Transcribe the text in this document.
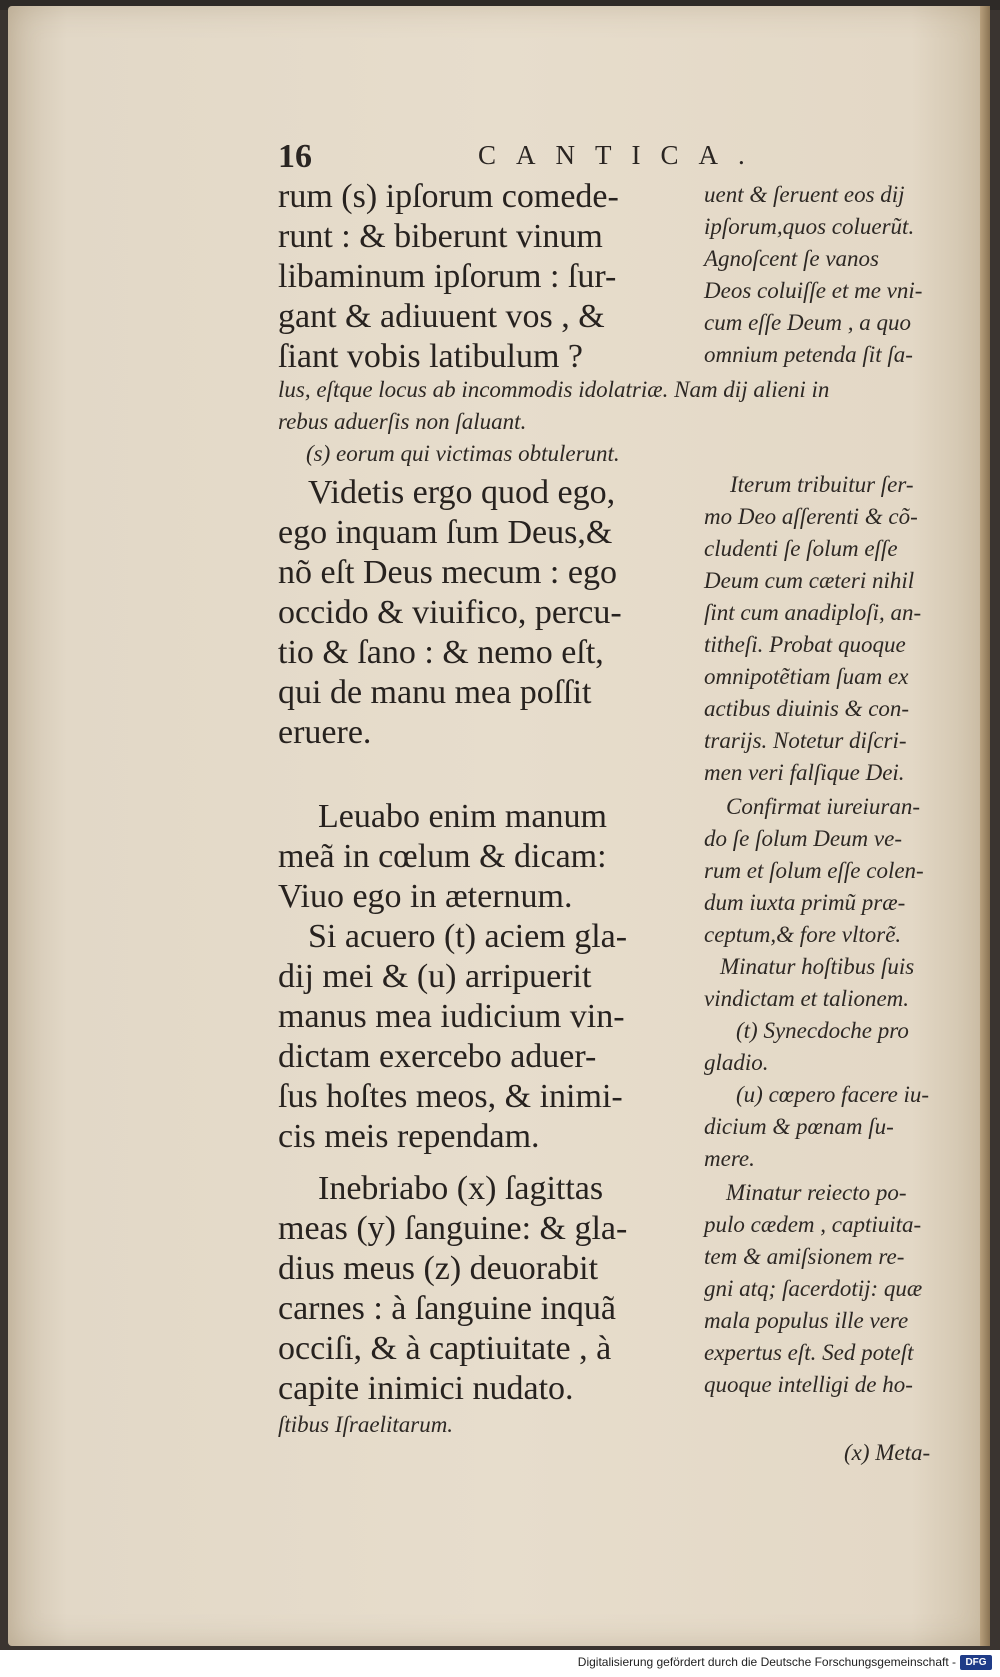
16	CANTICA.
rum (s) ipſorum comede-
runt : & biberunt vinum
libaminum ipſorum : ſur-
gant & adiuuent vos , &
ſiant vobis latibulum ?
uent & ſeruent eos dij
ipſorum,quos coluerũt.
Agnoſcent ſe vanos
Deos coluiſſe et me vni-
cum eſſe Deum , a quo
omnium petenda ſit ſa-
lus, eſtque locus ab incommodis idolatriæ. Nam dij alieni in
rebus aduerſis non ſaluant.
(s) eorum qui victimas obtulerunt.
Videtis ergo quod ego,
ego inquam ſum Deus,&
nõ eſt Deus mecum : ego
occido & viuifico, percu-
tio & ſano : & nemo eſt,
qui de manu mea poſſit
eruere.
Iterum tribuitur ſer-
mo Deo aſſerenti & cõ-
cludenti ſe ſolum eſſe
Deum cum cæteri nihil
ſint cum anadiploſi, an-
titheſi. Probat quoque
omnipotẽtiam ſuam ex
actibus diuinis & con-
trarijs. Notetur diſcri-
men veri falſique Dei.
Leuabo enim manum
meã in cœlum & dicam:
Viuo ego in æternum.
Si acuero (t) aciem gla-
dij mei & (u) arripuerit
manus mea iudicium vin-
dictam exercebo aduer-
ſus hoſtes meos, & inimi-
cis meis rependam.
Confirmat iureiuran-
do ſe ſolum Deum ve-
rum et ſolum eſſe colen-
dum iuxta primũ præ-
ceptum,& fore vltorẽ.
Minatur hoſtibus ſuis
vindictam et talionem.
(t) Synecdoche pro
gladio.
(u) cœpero facere iu-
dicium & pœnam ſu-
mere.
Inebriabo (x) ſagittas
meas (y) ſanguine: & gla-
dius meus (z) deuorabit
carnes : à ſanguine inquã
occiſi, & à captiuitate , à
capite inimici nudato.
Minatur reiecto po-
pulo cædem , captiuita-
tem & amiſsionem re-
gni atq; ſacerdotij: quæ
mala populus ille vere
expertus eſt. Sed poteſt
quoque intelligi de ho-
ſtibus Iſraelitarum.
(x) Meta-
Digitalisierung gefördert durch die Deutsche Forschungsgemeinschaft - DFG
